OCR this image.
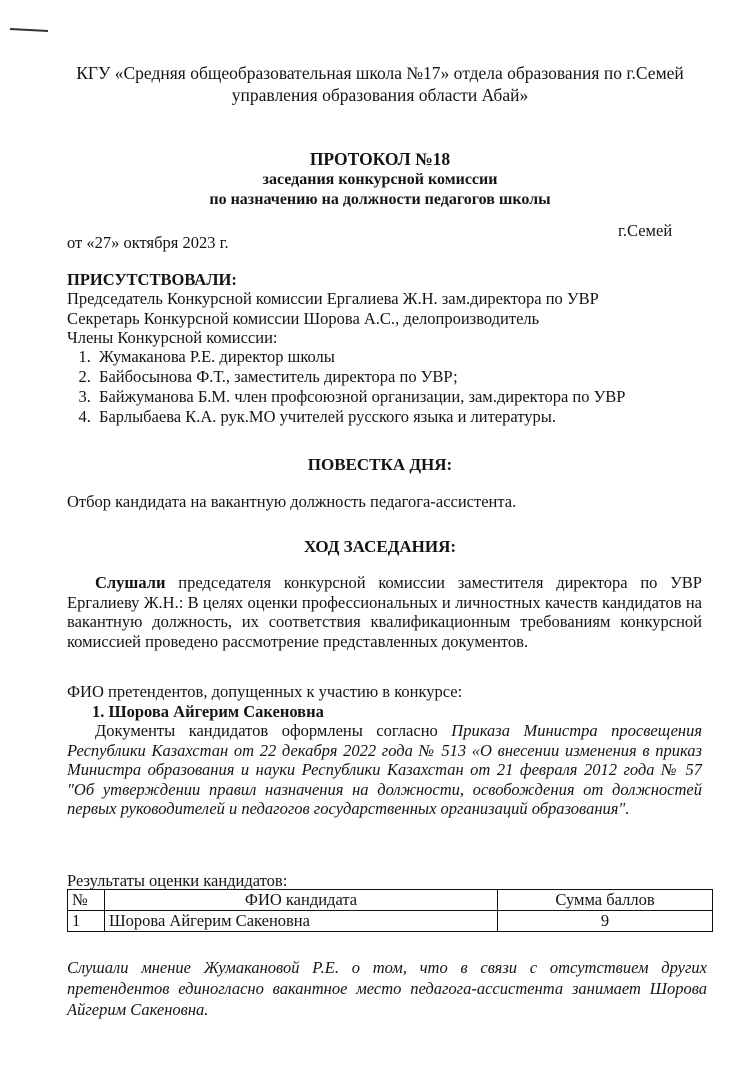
КГУ «Средняя общеобразовательная школа №17» отдела образования по г.Семей
управления образования области Абай»
ПРОТОКОЛ №18
заседания конкурсной комиссии
по назначению на должности педагогов школы
от «27» октября 2023 г.
г.Семей
ПРИСУТСТВОВАЛИ:
Председатель Конкурсной комиссии Ергалиева Ж.Н. зам.директора по УВР
Секретарь Конкурсной комиссии Шорова А.С., делопроизводитель
Члены Конкурсной комиссии:
1. Жумаканова Р.Е. директор школы
2. Байбосынова Ф.Т., заместитель директора по УВР;
3. Байжуманова Б.М. член профсоюзной организации, зам.директора по УВР
4. Барлыбаева К.А. рук.МО учителей русского языка и литературы.
ПОВЕСТКА ДНЯ:
Отбор кандидата на вакантную должность педагога-ассистента.
ХОД ЗАСЕДАНИЯ:
Слушали председателя конкурсной комиссии заместителя директора по УВР Ергалиеву Ж.Н.: В целях оценки профессиональных и личностных качеств кандидатов на вакантную должность, их соответствия квалификационным требованиям конкурсной комиссией проведено рассмотрение представленных документов.
ФИО претендентов, допущенных к участию в конкурсе:
1. Шорова Айгерим Сакеновна
Документы кандидатов оформлены согласно Приказа Министра просвещения Республики Казахстан от 22 декабря 2022 года № 513 «О внесении изменения в приказ Министра образования и науки Республики Казахстан от 21 февраля 2012 года № 57 "Об утверждении правил назначения на должности, освобождения от должностей первых руководителей и педагогов государственных организаций образования".
Результаты оценки кандидатов:
№	ФИО кандидата	Сумма баллов
1	Шорова Айгерим Сакеновна	9
Слушали мнение Жумакановой Р.Е. о том, что в связи с отсутствием других претендентов единогласно вакантное место педагога-ассистента занимает Шорова Айгерим Сакеновна.
